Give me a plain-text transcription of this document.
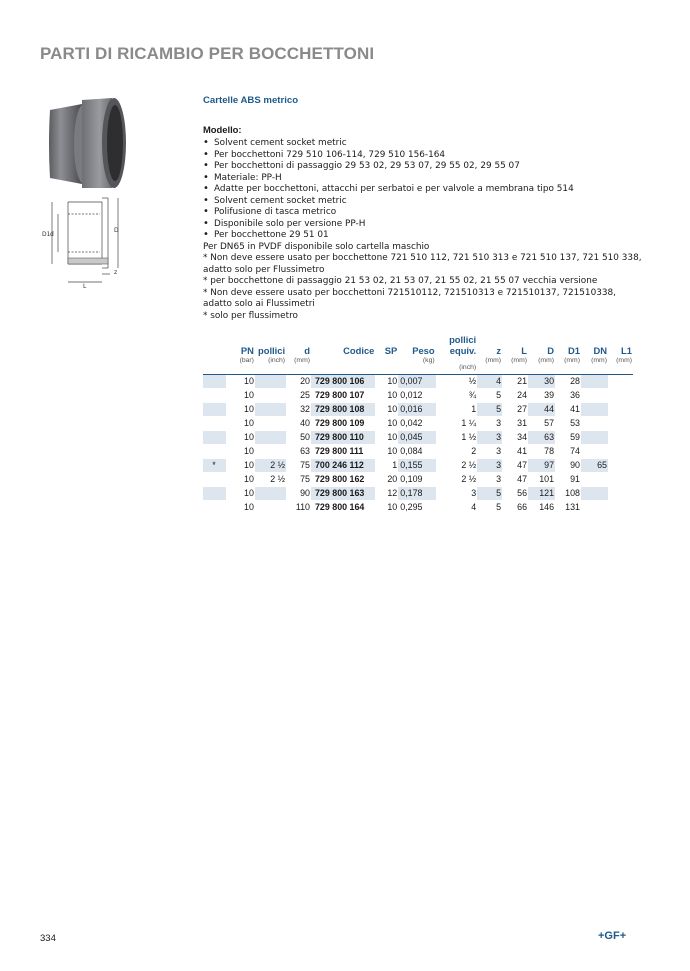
PARTI DI RICAMBIO PER BOCCHETTONI
D1 d
D
z
L

Cartelle ABS metrico

Modello:

• Solvent cement socket metric
• Per bocchettoni 729 510 106-114, 729 510 156-164
• Per bocchettoni di passaggio 29 53 02, 29 53 07, 29 55 02, 29 55 07
• Materiale: PP-H
• Adatte per bocchettoni, attacchi per serbatoi e per valvole a membrana tipo 514
• Solvent cement socket metric
• Polifusione di tasca metrico
• Disponibile solo per versione PP-H
• Per bocchettone 29 51 01
Per DN65 in PVDF disponibile solo cartella maschio
* Non deve essere usato per bocchettone 721 510 112, 721 510 313 e 721 510 137, 721 510 338,
adatto solo per Flussimetro
* per bocchettone di passaggio 21 53 02, 21 53 07, 21 55 02, 21 55 07 vecchia versione
* Non deve essere usato per bocchettoni 721510112, 721510313 e 721510137, 721510338,
adatto solo ai Flussimetri
* solo per flussimetro
	PN	pollici	d	Codice	SP	Peso	pollici
equiv.	z	L	D	D1	DN	L1
	(bar)	(inch)	(mm)			(kg)		(mm)	(mm)	(mm)	(mm)	(mm)	(mm)
							(inch)						
	10		20	729 800 106	10	0,007	½	4	21	30	28		
	10		25	729 800 107	10	0,012	¾	5	24	39	36		
	10		32	729 800 108	10	0,016	1	5	27	44	41		
	10		40	729 800 109	10	0,042	1 ¼	3	31	57	53		
	10		50	729 800 110	10	0,045	1 ½	3	34	63	59		
	10		63	729 800 111	10	0,084	2	3	41	78	74		
*	10	2 ½	75	700 246 112	1	0,155	2 ½	3	47	97	90	65	
	10	2 ½	75	729 800 162	20	0,109	2 ½	3	47	101	91		
	10		90	729 800 163	12	0,178	3	5	56	121	108		
	10		110	729 800 164	10	0,295	4	5	66	146	131		
334	+GF+
